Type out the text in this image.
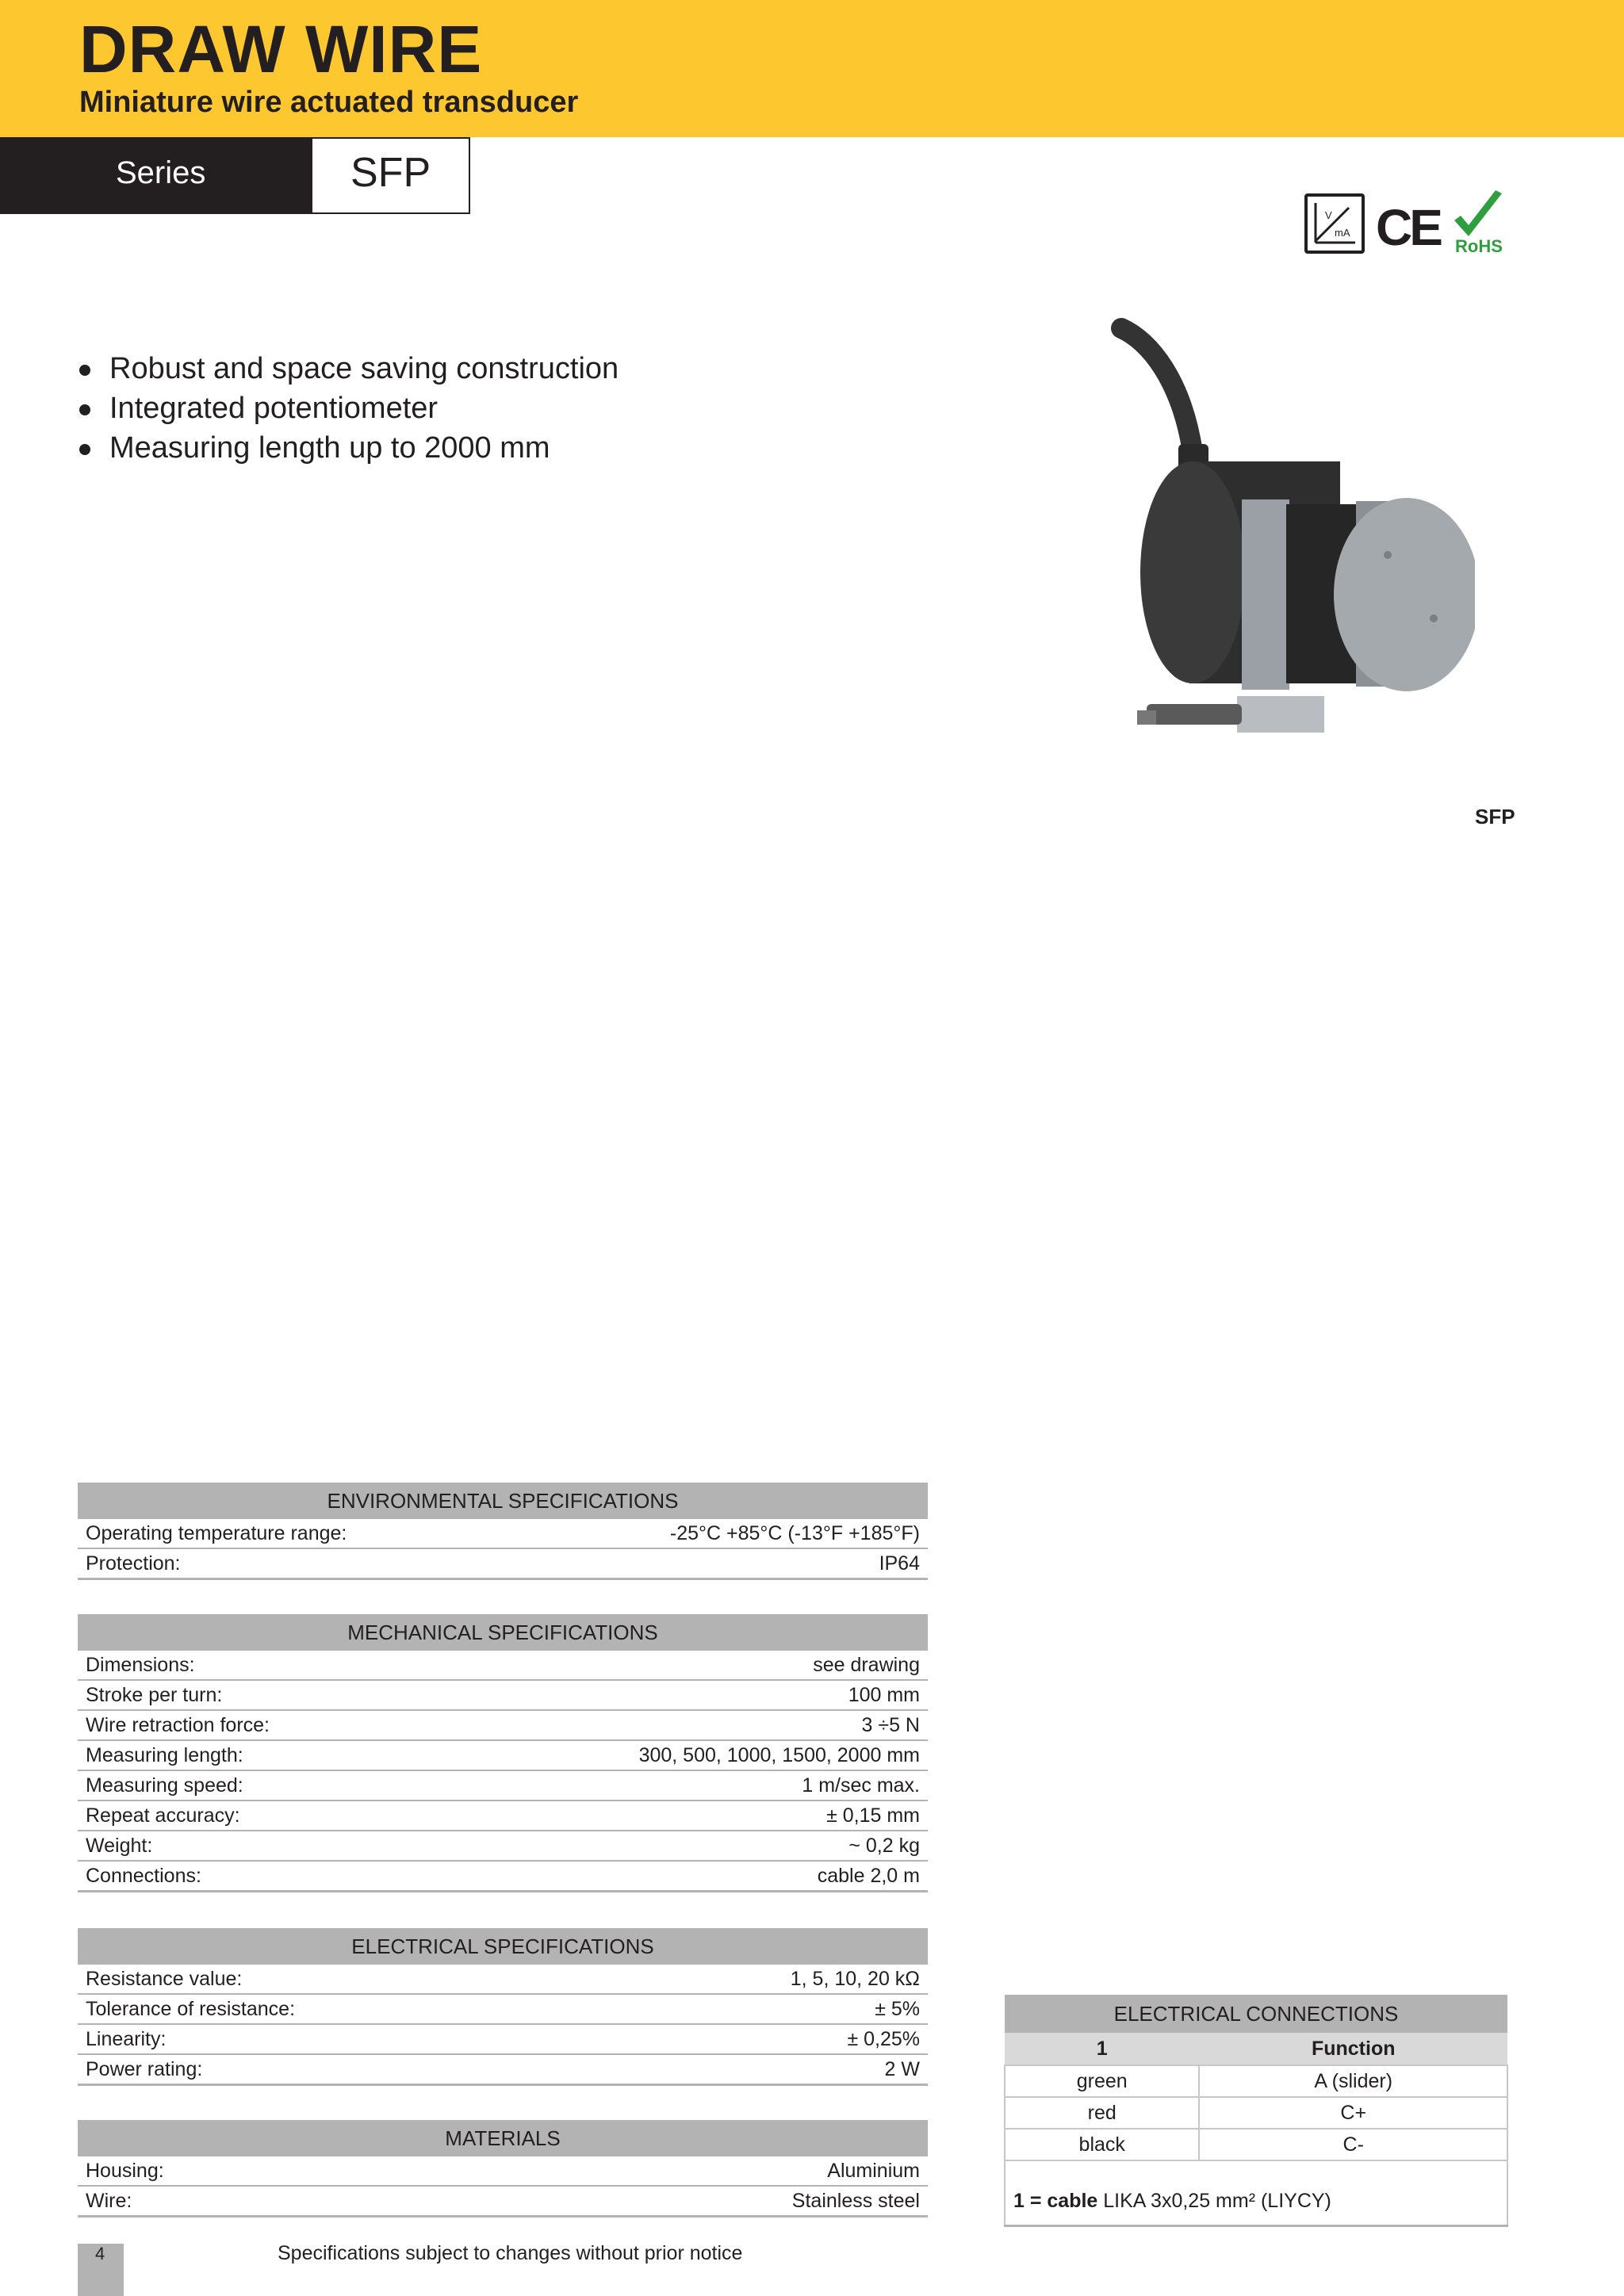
DRAW WIRE
Miniature wire actuated transducer
Series	SFP
V
mA CE RoHS
Robust and space saving construction
Integrated potentiometer
Measuring length up to 2000 mm
SFP
ENVIRONMENTAL SPECIFICATIONS	
Operating temperature range:	-25°C +85°C (-13°F +185°F)
Protection:	IP64
MECHANICAL SPECIFICATIONS	
Dimensions:	see drawing
Stroke per turn:	100 mm
Wire retraction force:	3 ÷5 N
Measuring length:	300, 500, 1000, 1500, 2000 mm
Measuring speed:	1 m/sec max.
Repeat accuracy:	± 0,15 mm
Weight:	~ 0,2 kg
Connections:	cable 2,0 m
ELECTRICAL SPECIFICATIONS	
Resistance value:	1, 5, 10, 20 kΩ
Tolerance of resistance:	± 5%
Linearity:	± 0,25%
Power rating:	2 W
MATERIALS	
Housing:	Aluminium
Wire:	Stainless steel
ELECTRICAL CONNECTIONS	
1	Function
green	A (slider)
red	C+
black	C-
1 = cable LIKA 3x0,25 mm² (LIYCY)	
4	Specifications subject to changes without prior notice
